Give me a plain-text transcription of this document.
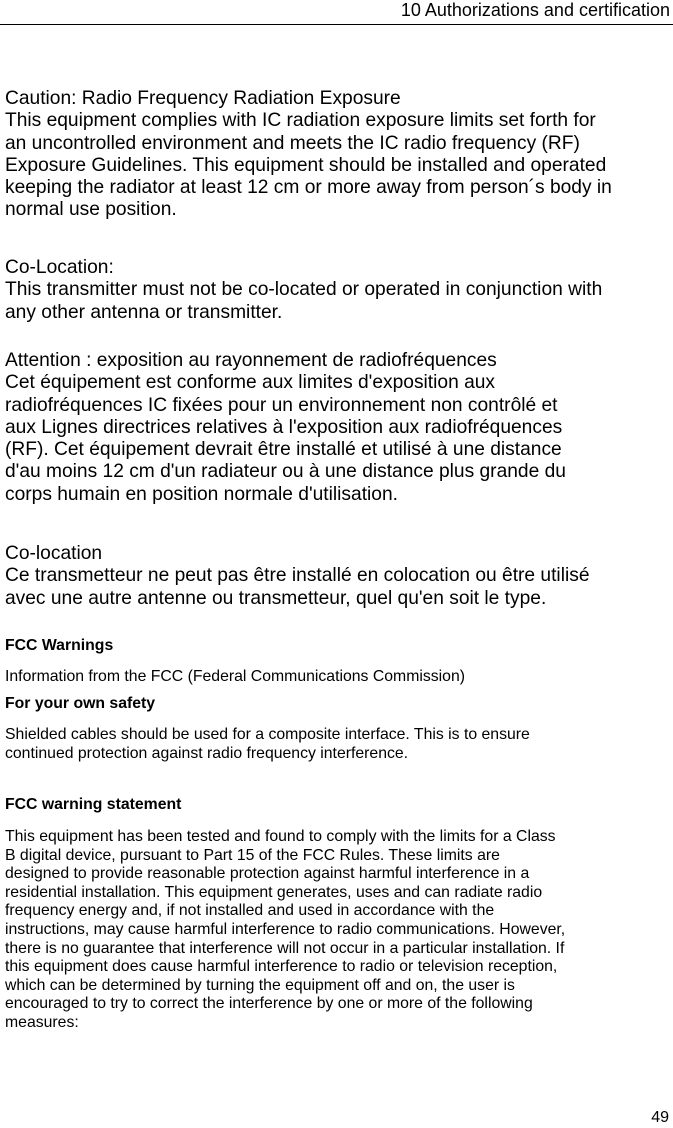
10 Authorizations and certification
Caution: Radio Frequency Radiation Exposure
This equipment complies with IC radiation exposure limits set forth for
an uncontrolled environment and meets the IC radio frequency (RF)
Exposure Guidelines. This equipment should be installed and operated
keeping the radiator at least 12 cm or more away from person´s body in
normal use position.
Co-Location:
This transmitter must not be co-located or operated in conjunction with
any other antenna or transmitter.
Attention : exposition au rayonnement de radiofréquences
Cet équipement est conforme aux limites d'exposition aux
radiofréquences IC fixées pour un environnement non contrôlé et
aux Lignes directrices relatives à l'exposition aux radiofréquences
(RF). Cet équipement devrait être installé et utilisé à une distance
d'au moins 12 cm d'un radiateur ou à une distance plus grande du
corps humain en position normale d'utilisation.
Co-location
Ce transmetteur ne peut pas être installé en colocation ou être utilisé
avec une autre antenne ou transmetteur, quel qu'en soit le type.
FCC Warnings
Information from the FCC (Federal Communications Commission)
For your own safety
Shielded cables should be used for a composite interface. This is to ensure
continued protection against radio frequency interference.
FCC warning statement
This equipment has been tested and found to comply with the limits for a Class
B digital device, pursuant to Part 15 of the FCC Rules. These limits are
designed to provide reasonable protection against harmful interference in a
residential installation. This equipment generates, uses and can radiate radio
frequency energy and, if not installed and used in accordance with the
instructions, may cause harmful interference to radio communications. However,
there is no guarantee that interference will not occur in a particular installation. If
this equipment does cause harmful interference to radio or television reception,
which can be determined by turning the equipment off and on, the user is
encouraged to try to correct the interference by one or more of the following
measures:
49
